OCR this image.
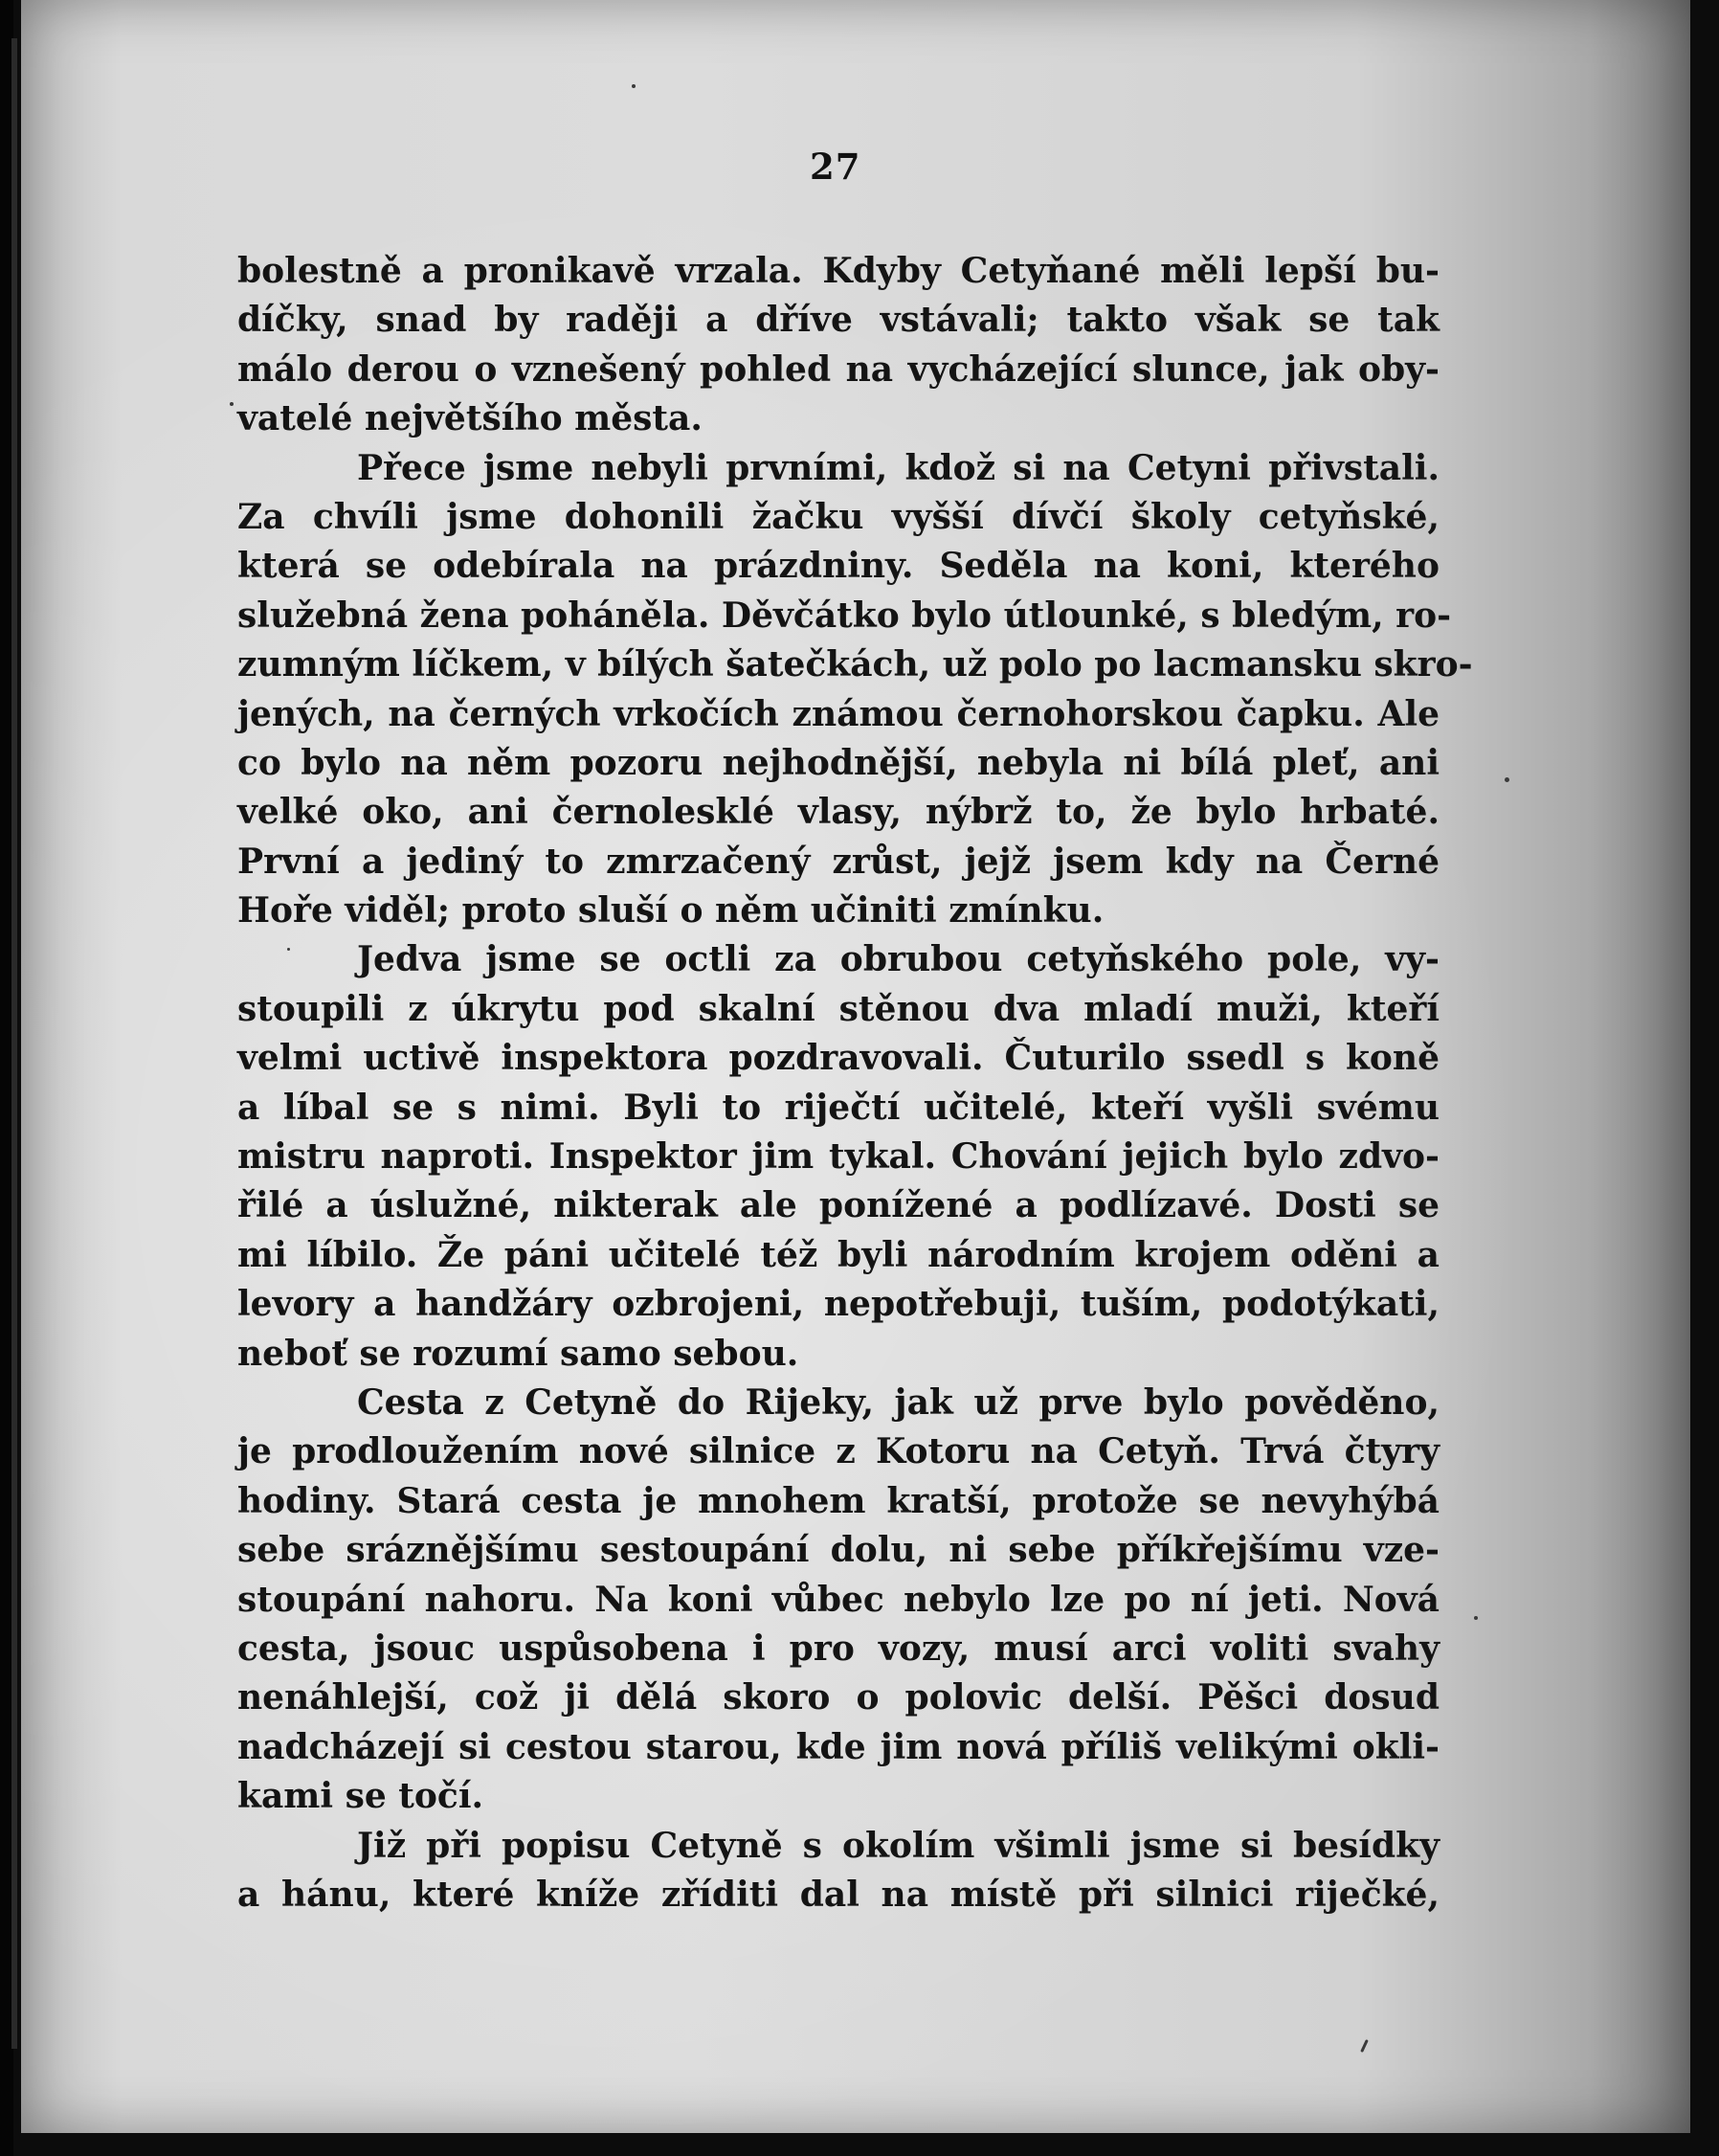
27
bolestně a pronikavě vrzala. Kdyby Cetyňané měli lepší bu-
díčky, snad by raději a dříve vstávali; takto však se tak
málo derou o vznešený pohled na vycházející slunce, jak oby-
vatelé největšího města.
Přece jsme nebyli prvními, kdož si na Cetyni přivstali.
Za chvíli jsme dohonili žačku vyšší dívčí školy cetyňské,
která se odebírala na prázdniny. Seděla na koni, kterého
služebná žena poháněla. Děvčátko bylo útlounké, s bledým, ro-
zumným líčkem, v bílých šatečkách, už polo po lacmansku skro-
jených, na černých vrkočích známou černohorskou čapku. Ale
co bylo na něm pozoru nejhodnější, nebyla ni bílá pleť, ani
velké oko, ani černolesklé vlasy, nýbrž to, že bylo hrbaté.
První a jediný to zmrzačený zrůst, jejž jsem kdy na Černé
Hoře viděl; proto sluší o něm učiniti zmínku.
Jedva jsme se octli za obrubou cetyňského pole, vy-
stoupili z úkrytu pod skalní stěnou dva mladí muži, kteří
velmi uctivě inspektora pozdravovali. Čuturilo ssedl s koně
a líbal se s nimi. Byli to riječtí učitelé, kteří vyšli svému
mistru naproti. Inspektor jim tykal. Chování jejich bylo zdvo-
řilé a úslužné, nikterak ale ponížené a podlízavé. Dosti se
mi líbilo. Že páni učitelé též byli národním krojem oděni a
levory a handžáry ozbrojeni, nepotřebuji, tuším, podotýkati,
neboť se rozumí samo sebou.
Cesta z Cetyně do Rijeky, jak už prve bylo pověděno,
je prodloužením nové silnice z Kotoru na Cetyň. Trvá čtyry
hodiny. Stará cesta je mnohem kratší, protože se nevyhýbá
sebe sráznějšímu sestoupání dolu, ni sebe příkřejšímu vze-
stoupání nahoru. Na koni vůbec nebylo lze po ní jeti. Nová
cesta, jsouc uspůsobena i pro vozy, musí arci voliti svahy
nenáhlejší, což ji dělá skoro o polovic delší. Pěšci dosud
nadcházejí si cestou starou, kde jim nová příliš velikými okli-
kami se točí.
Již při popisu Cetyně s okolím všimli jsme si besídky
a hánu, které kníže zříditi dal na místě při silnici riječké,
